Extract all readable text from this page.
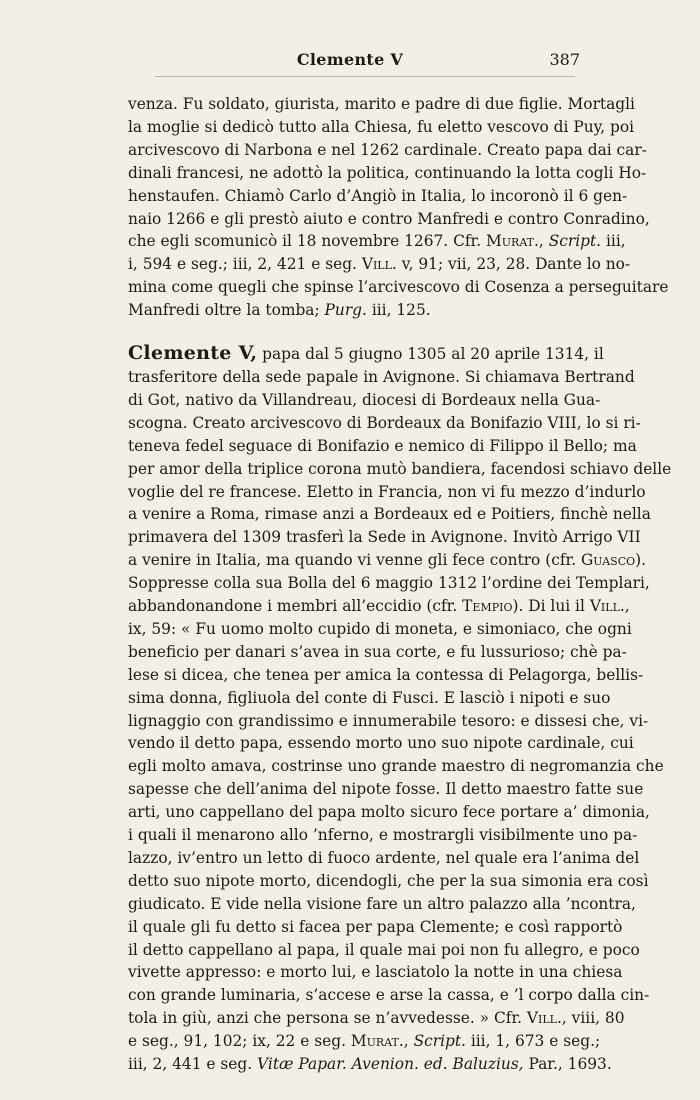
Clemente V	387
venza. Fu soldato, giurista, marito e padre di due figlie. Mortagli
la moglie si dedicò tutto alla Chiesa, fu eletto vescovo di Puy, poi
arcivescovo di Narbona e nel 1262 cardinale. Creato papa dai car-
dinali francesi, ne adottò la politica, continuando la lotta cogli Ho-
henstaufen. Chiamò Carlo d’Angiò in Italia, lo incoronò il 6 gen-
naio 1266 e gli prestò aiuto e contro Manfredi e contro Conradino,
che egli scomunicò il 18 novembre 1267. Cfr. Murat., Script. iii,
i, 594 e seg.; iii, 2, 421 e seg. Vill. v, 91; vii, 23, 28. Dante lo no-
mina come quegli che spinse l’arcivescovo di Cosenza a perseguitare
Manfredi oltre la tomba; Purg. iii, 125.
Clemente V, papa dal 5 giugno 1305 al 20 aprile 1314, il
trasferitore della sede papale in Avignone. Si chiamava Bertrand
di Got, nativo da Villandreau, diocesi di Bordeaux nella Gua-
scogna. Creato arcivescovo di Bordeaux da Bonifazio VIII, lo si ri-
teneva fedel seguace di Bonifazio e nemico di Filippo il Bello; ma
per amor della triplice corona mutò bandiera, facendosi schiavo delle
voglie del re francese. Eletto in Francia, non vi fu mezzo d’indurlo
a venire a Roma, rimase anzi a Bordeaux ed e Poitiers, finchè nella
primavera del 1309 trasferì la Sede in Avignone. Invitò Arrigo VII
a venire in Italia, ma quando vi venne gli fece contro (cfr. Guasco).
Soppresse colla sua Bolla del 6 maggio 1312 l’ordine dei Templari,
abbandonandone i membri all’eccidio (cfr. Tempio). Di lui il Vill.,
ix, 59: « Fu uomo molto cupido di moneta, e simoniaco, che ogni
beneficio per danari s’avea in sua corte, e fu lussurioso; chè pa-
lese si dicea, che tenea per amica la contessa di Pelagorga, bellis-
sima donna, figliuola del conte di Fusci. E lasciò i nipoti e suo
lignaggio con grandissimo e innumerabile tesoro: e dissesi che, vi-
vendo il detto papa, essendo morto uno suo nipote cardinale, cui
egli molto amava, costrinse uno grande maestro di negromanzia che
sapesse che dell’anima del nipote fosse. Il detto maestro fatte sue
arti, uno cappellano del papa molto sicuro fece portare a’ dimonia,
i quali il menarono allo ’nferno, e mostrargli visibilmente uno pa-
lazzo, iv’entro un letto di fuoco ardente, nel quale era l’anima del
detto suo nipote morto, dicendogli, che per la sua simonia era così
giudicato. E vide nella visione fare un altro palazzo alla ’ncontra,
il quale gli fu detto si facea per papa Clemente; e così rapportò
il detto cappellano al papa, il quale mai poi non fu allegro, e poco
vivette appresso: e morto lui, e lasciatolo la notte in una chiesa
con grande luminaria, s’accese e arse la cassa, e ’l corpo dalla cin-
tola in giù, anzi che persona se n’avvedesse. » Cfr. Vill., viii, 80
e seg., 91, 102; ix, 22 e seg. Murat., Script. iii, 1, 673 e seg.;
iii, 2, 441 e seg. Vitæ Papar. Avenion. ed. Baluzius, Par., 1693.
